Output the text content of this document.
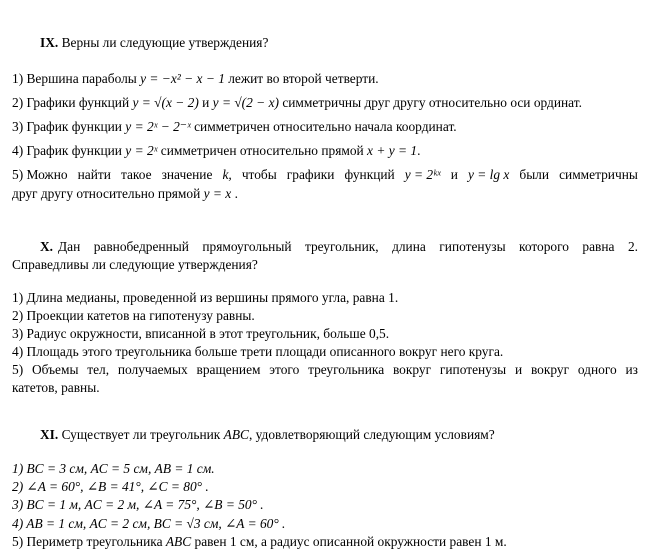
IX. Верны ли следующие утверждения?
1) Вершина параболы y = −x² − x − 1 лежит во второй четверти.
2) Графики функций y = √(x − 2) и y = √(2 − x) симметричны друг другу относительно оси ординат.
3) График функции y = 2ˣ − 2⁻ˣ симметричен относительно начала координат.
4) График функции y = 2ˣ симметричен относительно прямой x + y = 1.
5) Можно найти такое значение k, чтобы графики функций y = 2ᵏˣ и y = lg x были симметричны
друг другу относительно прямой y = x .
X. Дан равнобедренный прямоугольный треугольник, длина гипотенузы которого равна 2.
Справедливы ли следующие утверждения?
1) Длина медианы, проведенной из вершины прямого угла, равна 1.
2) Проекции катетов на гипотенузу равны.
3) Радиус окружности, вписанной в этот треугольник, больше 0,5.
4) Площадь этого треугольника больше трети площади описанного вокруг него круга.
5) Объемы тел, получаемых вращением этого треугольника вокруг гипотенузы и вокруг одного из
катетов, равны.
XI. Существует ли треугольник ABC, удовлетворяющий следующим условиям?
1) BC = 3 см, AC = 5 см, AB = 1 см.
2) ∠A = 60°, ∠B = 41°, ∠C = 80° .
3) BC = 1 м, AC = 2 м, ∠A = 75°, ∠B = 50° .
4) AB = 1 см, AC = 2 см, BC = √3 см, ∠A = 60° .
5) Периметр треугольника ABC равен 1 см, а радиус описанной окружности равен 1 м.
